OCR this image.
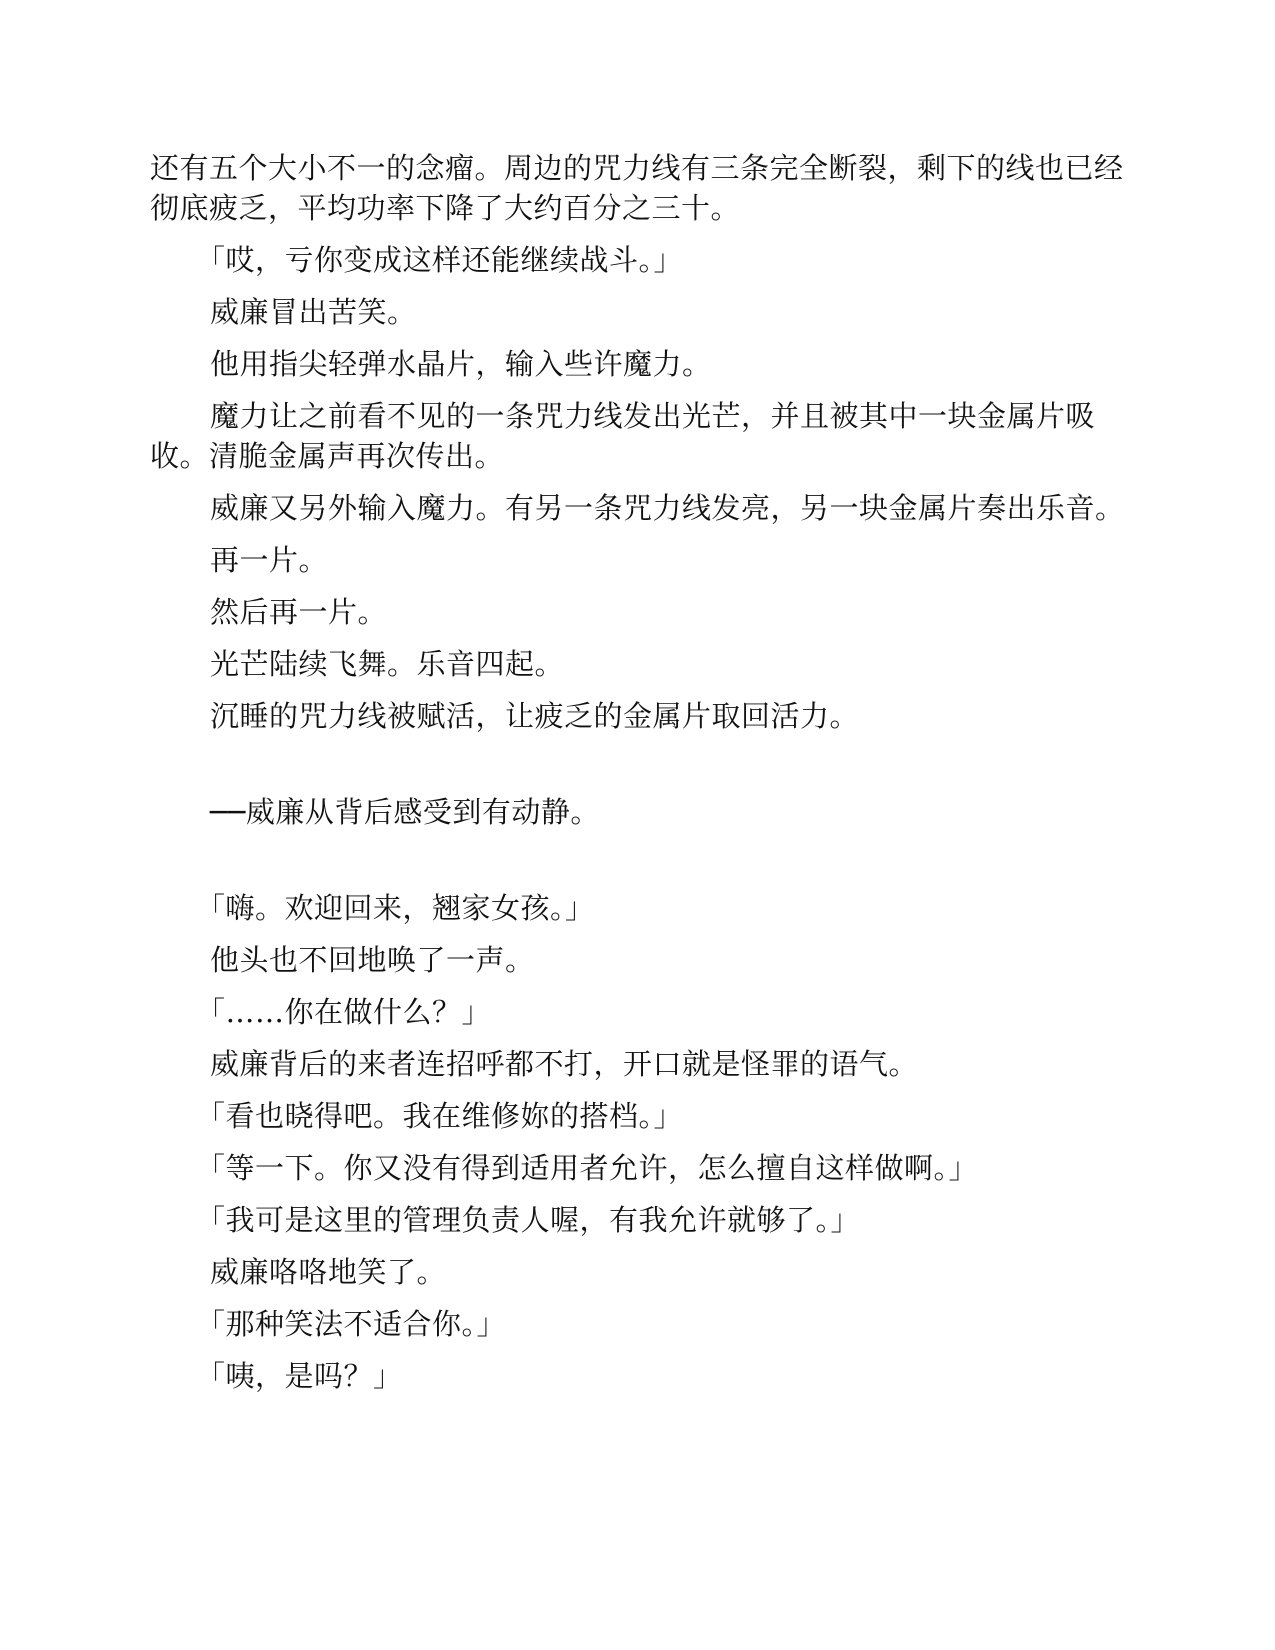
还有五个大小不一的念瘤。周边的咒力线有三条完全断裂，剩下的线也已经彻底疲乏，平均功率下降了大约百分之三十。

「哎，亏你变成这样还能继续战斗。」

威廉冒出苦笑。

他用指尖轻弹水晶片，输入些许魔力。

魔力让之前看不见的一条咒力线发出光芒，并且被其中一块金属片吸收。清脆金属声再次传出。

威廉又另外输入魔力。有另一条咒力线发亮，另一块金属片奏出乐音。

再一片。

然后再一片。

光芒陆续飞舞。乐音四起。

沉睡的咒力线被赋活，让疲乏的金属片取回活力。

──威廉从背后感受到有动静。

「嗨。欢迎回来，翘家女孩。」

他头也不回地唤了一声。

「……你在做什么？」

威廉背后的来者连招呼都不打，开口就是怪罪的语气。

「看也晓得吧。我在维修妳的搭档。」

「等一下。你又没有得到适用者允许，怎么擅自这样做啊。」

「我可是这里的管理负责人喔，有我允许就够了。」

威廉咯咯地笑了。

「那种笑法不适合你。」

「咦，是吗？」
